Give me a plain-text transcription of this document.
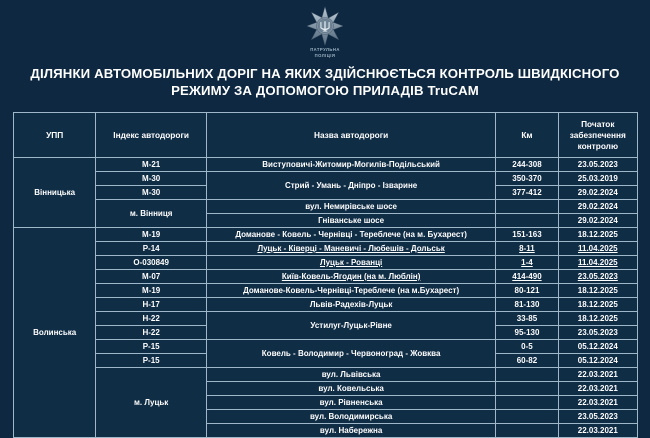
ПАТРУЛЬНА
ПОЛІЦІЯ
ДІЛЯНКИ АВТОМОБІЛЬНИХ ДОРІГ НА ЯКИХ ЗДІЙСНЮЄТЬСЯ КОНТРОЛЬ ШВИДКІСНОГО
РЕЖИМУ ЗА ДОПОМОГОЮ ПРИЛАДІВ TruCAM
УПП	Індекс автодороги	Назва автодороги	Км	Початок забезпечення контролю
Вінницька	М-21	Виступовичі-Житомир-Могилів-Подільський	244-308	23.05.2023
	М-30	Стрий - Умань - Дніпро - Ізварине	350-370	25.03.2019
	М-30		377-412	29.02.2024
	м. Вінниця	вул. Немирівське шосе		29.02.2024
		Гніванське шосе		29.02.2024
Волинська	М-19	Доманове - Ковель - Чернівці - Тереблече (на м. Бухарест)	151-163	18.12.2025
	Р-14	Луцьк - Ківерці - Маневичі - Любешів - Дольськ	8-11	11.04.2025
	О-030849	Луцьк - Рованці	1-4	11.04.2025
	М-07	Київ-Ковель-Ягодин (на м. Люблін)	414-490	23.05.2023
	М-19	Доманове-Ковель-Чернівці-Тереблече (на м.Бухарест)	80-121	18.12.2025
	Н-17	Львів-Радехів-Луцьк	81-130	18.12.2025
	Н-22	Устилуг-Луцьк-Рівне	33-85	18.12.2025
	Н-22		95-130	23.05.2023
	Р-15	Ковель - Володимир - Червоноград - Жовква	0-5	05.12.2024
	Р-15		60-82	05.12.2024
	м. Луцьк	вул. Львівська		22.03.2021
		вул. Ковельська		22.03.2021
		вул. Рівненська		22.03.2021
		вул. Володимирська		23.05.2023
		вул. Набережна		22.03.2021
